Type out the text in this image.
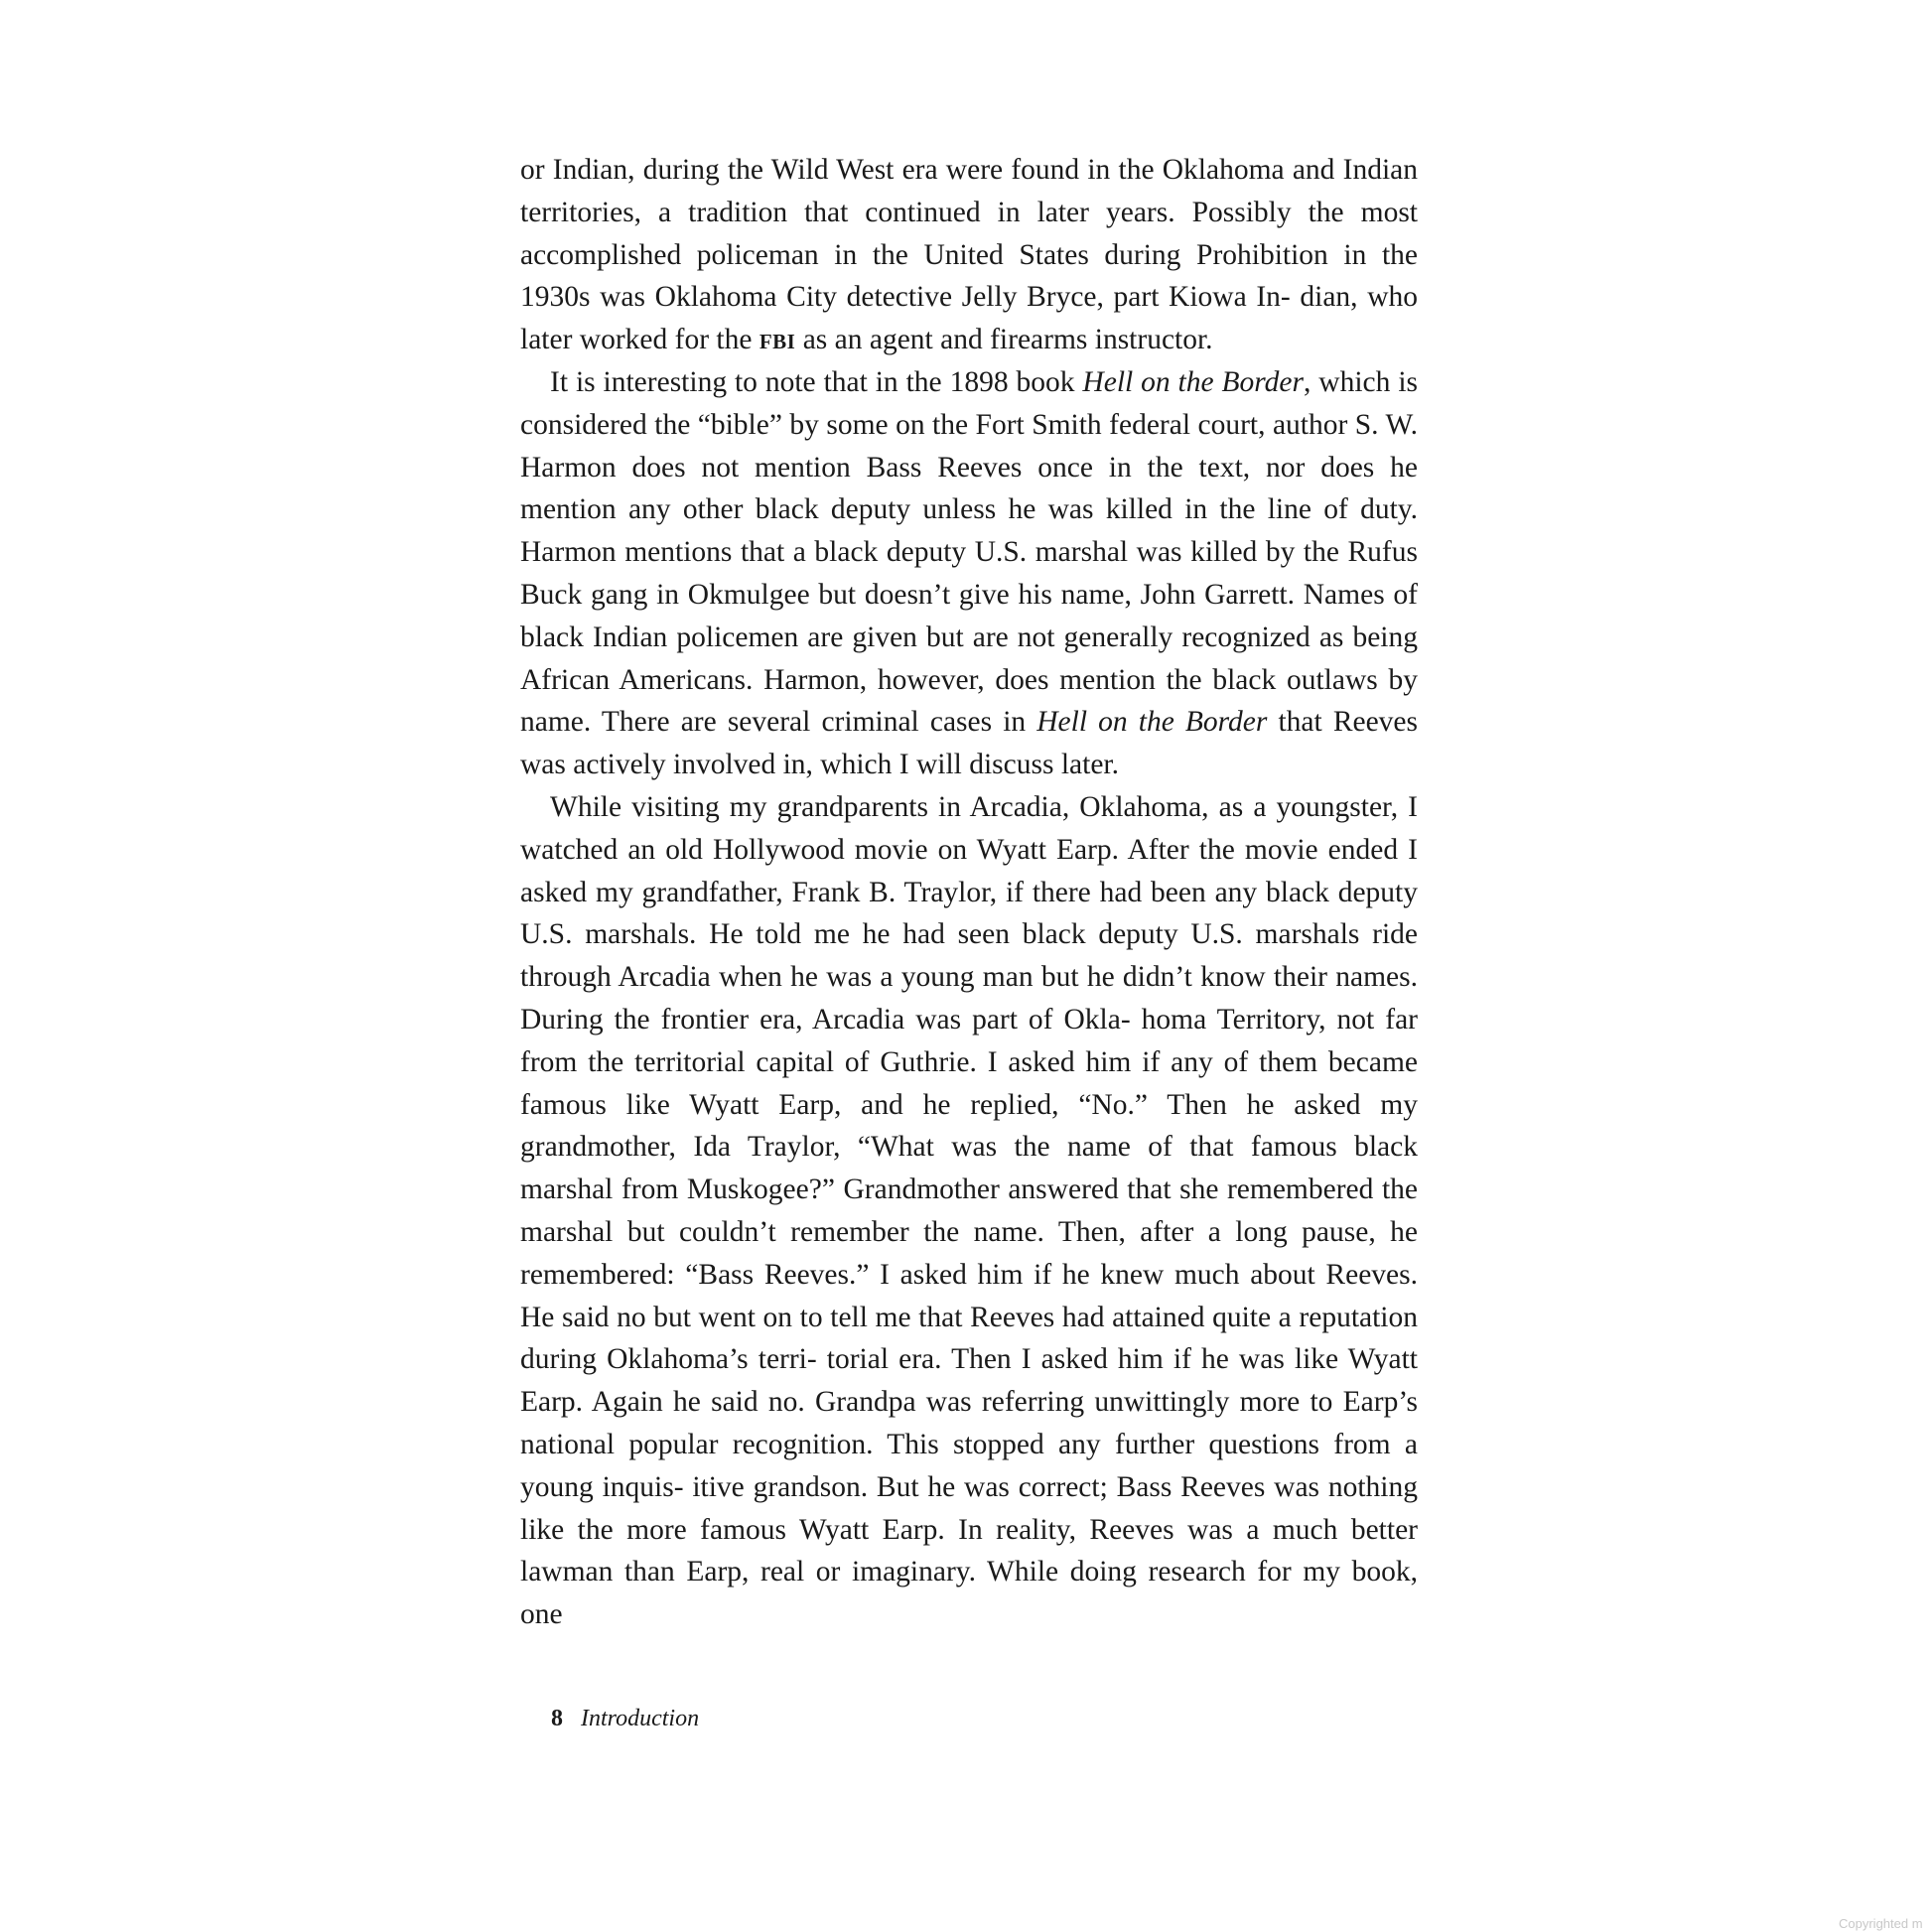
or Indian, during the Wild West era were found in the Oklahoma and Indian territories, a tradition that continued in later years. Possibly the most accomplished policeman in the United States during Prohibition in the 1930s was Oklahoma City detective Jelly Bryce, part Kiowa In- dian, who later worked for the fbi as an agent and firearms instructor.

It is interesting to note that in the 1898 book Hell on the Border, which is considered the “bible” by some on the Fort Smith federal court, author S. W. Harmon does not mention Bass Reeves once in the text, nor does he mention any other black deputy unless he was killed in the line of duty. Harmon mentions that a black deputy U.S. marshal was killed by the Rufus Buck gang in Okmulgee but doesn’t give his name, John Garrett. Names of black Indian policemen are given but are not generally recognized as being African Americans. Harmon, however, does mention the black outlaws by name. There are several criminal cases in Hell on the Border that Reeves was actively involved in, which I will discuss later.

While visiting my grandparents in Arcadia, Oklahoma, as a youngster, I watched an old Hollywood movie on Wyatt Earp. After the movie ended I asked my grandfather, Frank B. Traylor, if there had been any black deputy U.S. marshals. He told me he had seen black deputy U.S. marshals ride through Arcadia when he was a young man but he didn’t know their names. During the frontier era, Arcadia was part of Okla- homa Territory, not far from the territorial capital of Guthrie. I asked him if any of them became famous like Wyatt Earp, and he replied, “No.” Then he asked my grandmother, Ida Traylor, “What was the name of that famous black marshal from Muskogee?” Grandmother answered that she remembered the marshal but couldn’t remember the name. Then, after a long pause, he remembered: “Bass Reeves.” I asked him if he knew much about Reeves. He said no but went on to tell me that Reeves had attained quite a reputation during Oklahoma’s terri- torial era. Then I asked him if he was like Wyatt Earp. Again he said no. Grandpa was referring unwittingly more to Earp’s national popular recognition. This stopped any further questions from a young inquis- itive grandson. But he was correct; Bass Reeves was nothing like the more famous Wyatt Earp. In reality, Reeves was a much better lawman than Earp, real or imaginary. While doing research for my book, one

8 Introduction
Copyrighted m
